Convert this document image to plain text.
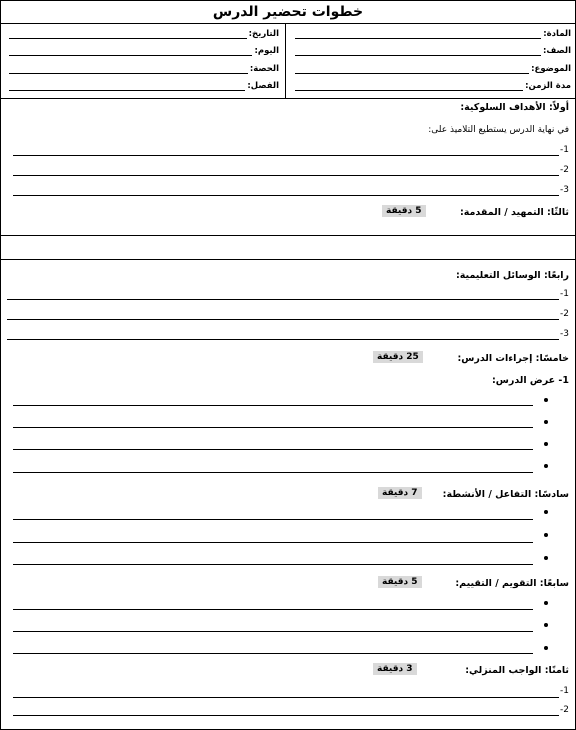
خطوات تحضير الدرس
المادة:
الصف:
الموضوع:
مدة الزمن:
التاريخ:
اليوم:
الحصة:
الفصل:
أولاً: الأهداف السلوكية:
في نهاية الدرس يستطيع التلاميذ على:
1-
2-
3-
ثالثًا: التمهيد / المقدمة:
5 دقيقة
رابعًا: الوسائل التعليمية:
1-
2-
3-
خامسًا: إجراءات الدرس:
25 دقيقة
1- عرض الدرس:
سادسًا: التفاعل / الأنشطة:
7 دقيقة
سابعًا: التقويم / التقييم:
5 دقيقة
ثامنًا: الواجب المنزلي:
3 دقيقة
1-
2-
